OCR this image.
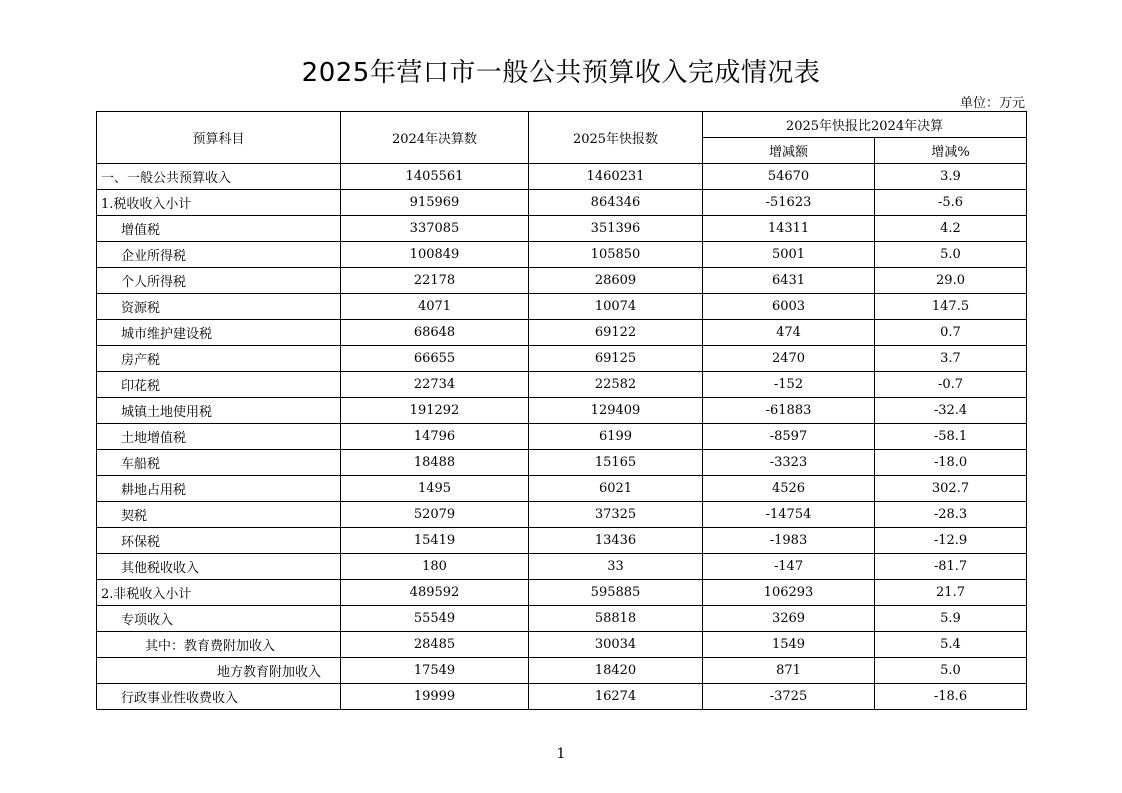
2025年营口市一般公共预算收入完成情况表
单位：万元
预算科目	2024年决算数	2025年快报数	2025年快报比2024年决算	
			增减额	增减%
一、一般公共预算收入	1405561	1460231	54670	3.9
1.税收收入小计	915969	864346	-51623	-5.6
增值税	337085	351396	14311	4.2
企业所得税	100849	105850	5001	5.0
个人所得税	22178	28609	6431	29.0
资源税	4071	10074	6003	147.5
城市维护建设税	68648	69122	474	0.7
房产税	66655	69125	2470	3.7
印花税	22734	22582	-152	-0.7
城镇土地使用税	191292	129409	-61883	-32.4
土地增值税	14796	6199	-8597	-58.1
车船税	18488	15165	-3323	-18.0
耕地占用税	1495	6021	4526	302.7
契税	52079	37325	-14754	-28.3
环保税	15419	13436	-1983	-12.9
其他税收收入	180	33	-147	-81.7
2.非税收入小计	489592	595885	106293	21.7
专项收入	55549	58818	3269	5.9
其中：教育费附加收入	28485	30034	1549	5.4
地方教育附加收入	17549	18420	871	5.0
行政事业性收费收入	19999	16274	-3725	-18.6
1
